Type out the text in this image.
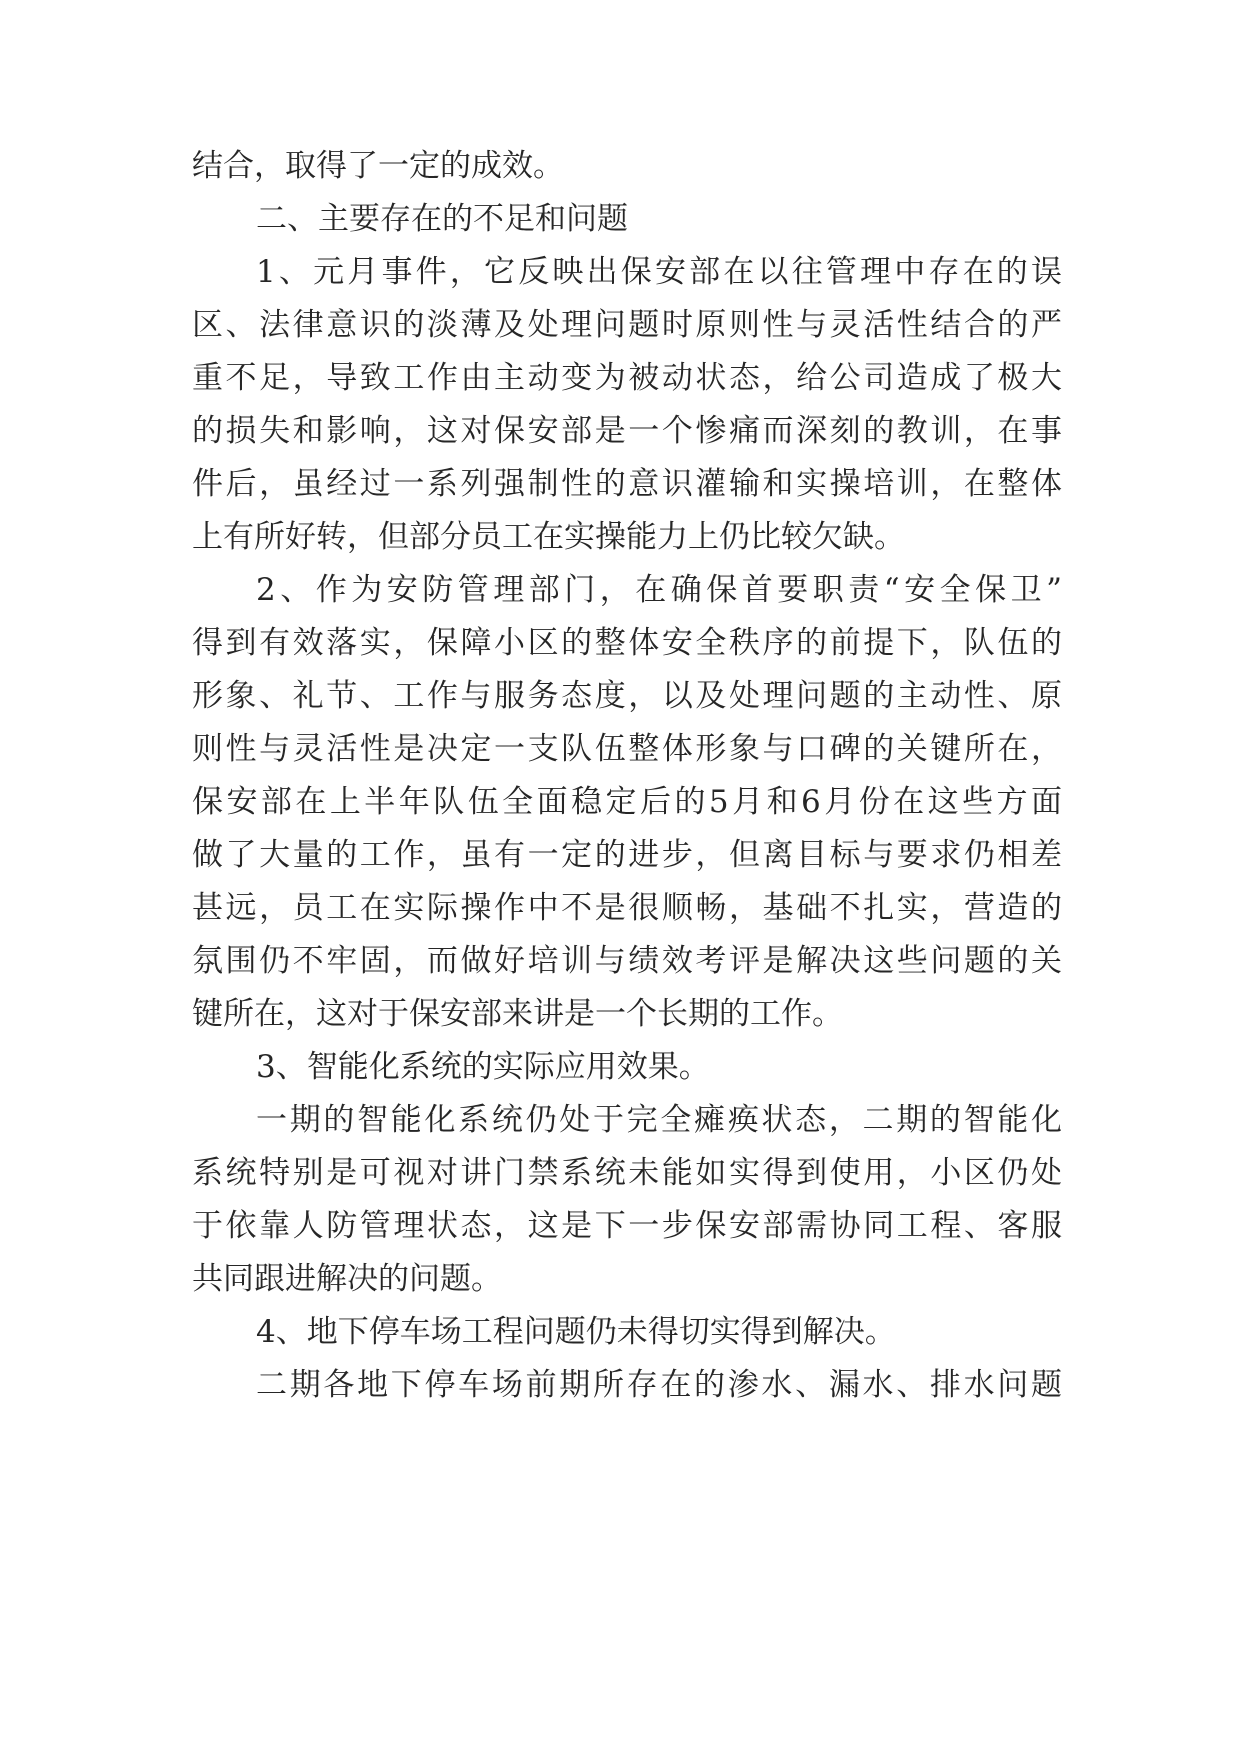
结合，取得了一定的成效。
二、主要存在的不足和问题
1、元月事件，它反映出保安部在以往管理中存在的误
区、法律意识的淡薄及处理问题时原则性与灵活性结合的严
重不足，导致工作由主动变为被动状态，给公司造成了极大
的损失和影响，这对保安部是一个惨痛而深刻的教训，在事
件后，虽经过一系列强制性的意识灌输和实操培训，在整体
上有所好转，但部分员工在实操能力上仍比较欠缺。
2、作为安防管理部门，在确保首要职责“安全保卫”
得到有效落实，保障小区的整体安全秩序的前提下，队伍的
形象、礼节、工作与服务态度，以及处理问题的主动性、原
则性与灵活性是决定一支队伍整体形象与口碑的关键所在，
保安部在上半年队伍全面稳定后的5月和6月份在这些方面
做了大量的工作，虽有一定的进步，但离目标与要求仍相差
甚远，员工在实际操作中不是很顺畅，基础不扎实，营造的
氛围仍不牢固，而做好培训与绩效考评是解决这些问题的关
键所在，这对于保安部来讲是一个长期的工作。
3、智能化系统的实际应用效果。
一期的智能化系统仍处于完全瘫痪状态，二期的智能化
系统特别是可视对讲门禁系统未能如实得到使用，小区仍处
于依靠人防管理状态，这是下一步保安部需协同工程、客服
共同跟进解决的问题。
4、地下停车场工程问题仍未得切实得到解决。
二期各地下停车场前期所存在的渗水、漏水、排水问题
